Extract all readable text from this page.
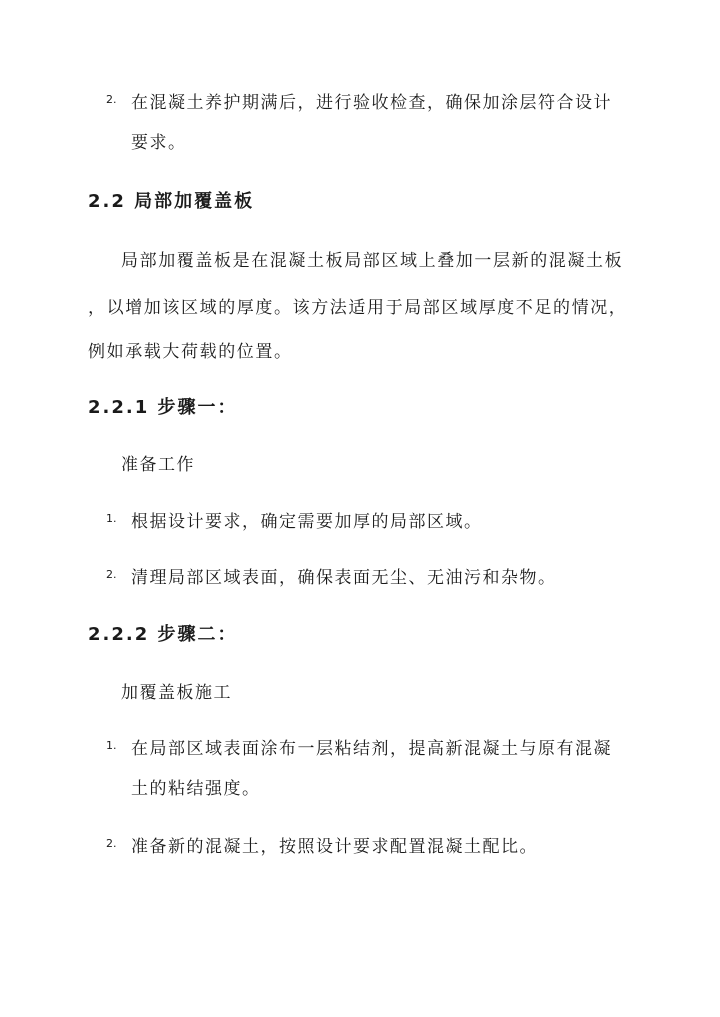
2. 在混凝土养护期满后，进行验收检查，确保加涂层符合设计
要求。
2.2 局部加覆盖板
局部加覆盖板是在混凝土板局部区域上叠加一层新的混凝土板
，以增加该区域的厚度。该方法适用于局部区域厚度不足的情况，
例如承载大荷载的位置。
2.2.1 步骤一：
准备工作
1. 根据设计要求，确定需要加厚的局部区域。
2. 清理局部区域表面，确保表面无尘、无油污和杂物。
2.2.2 步骤二：
加覆盖板施工
1. 在局部区域表面涂布一层粘结剂，提高新混凝土与原有混凝
土的粘结强度。
2. 准备新的混凝土，按照设计要求配置混凝土配比。
